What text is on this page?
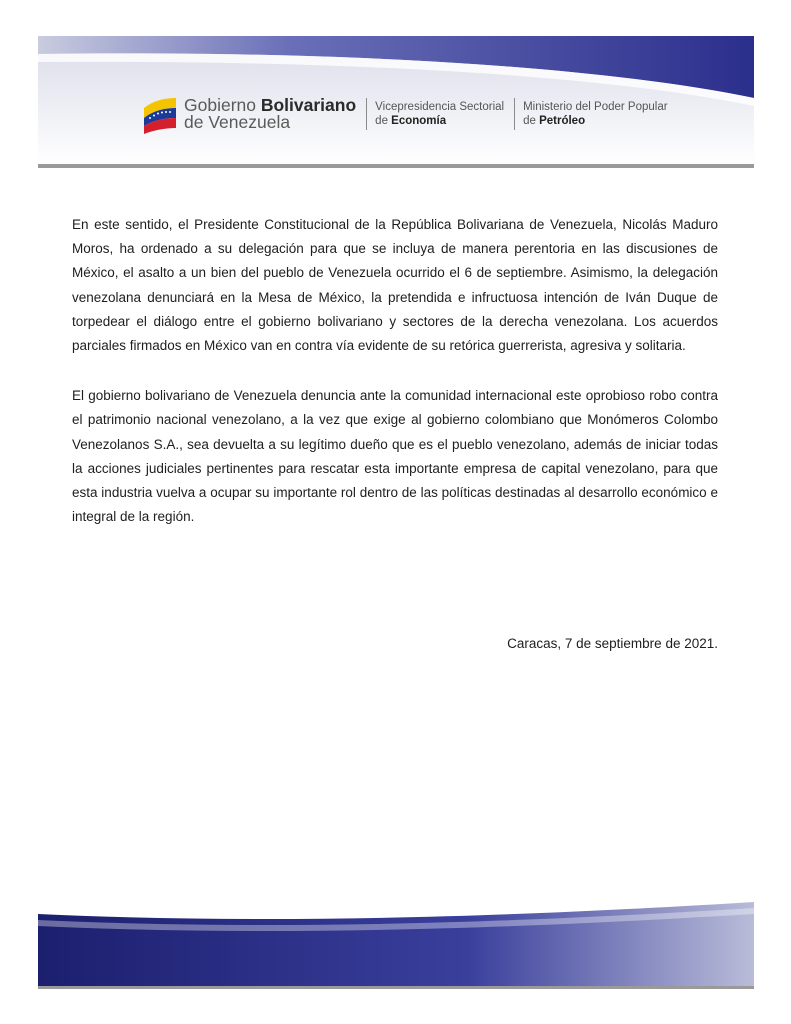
Gobierno Bolivariano
de Venezuela
Vicepresidencia Sectorial
de Economía
Ministerio del Poder Popular
de Petróleo

En este sentido, el Presidente Constitucional de la República Bolivariana de Venezuela, Nicolás Maduro Moros, ha ordenado a su delegación para que se incluya de manera perentoria en las discusiones de México, el asalto a un bien del pueblo de Venezuela ocurrido el 6 de septiembre. Asimismo, la delegación venezolana denunciará en la Mesa de México, la pretendida e infructuosa intención de Iván Duque de torpedear el diálogo entre el gobierno bolivariano y sectores de la derecha venezolana. Los acuerdos parciales firmados en México van en contra vía evidente de su retórica guerrerista, agresiva y solitaria.

El gobierno bolivariano de Venezuela denuncia ante la comunidad internacional este oprobioso robo contra el patrimonio nacional venezolano, a la vez que exige al gobierno colombiano que Monómeros Colombo Venezolanos S.A., sea devuelta a su legítimo dueño que es el pueblo venezolano, además de iniciar todas la acciones judiciales pertinentes para rescatar esta importante empresa de capital venezolano, para que esta industria vuelva a ocupar su importante rol dentro de las políticas destinadas al desarrollo económico e integral de la región.

Caracas, 7 de septiembre de 2021.
